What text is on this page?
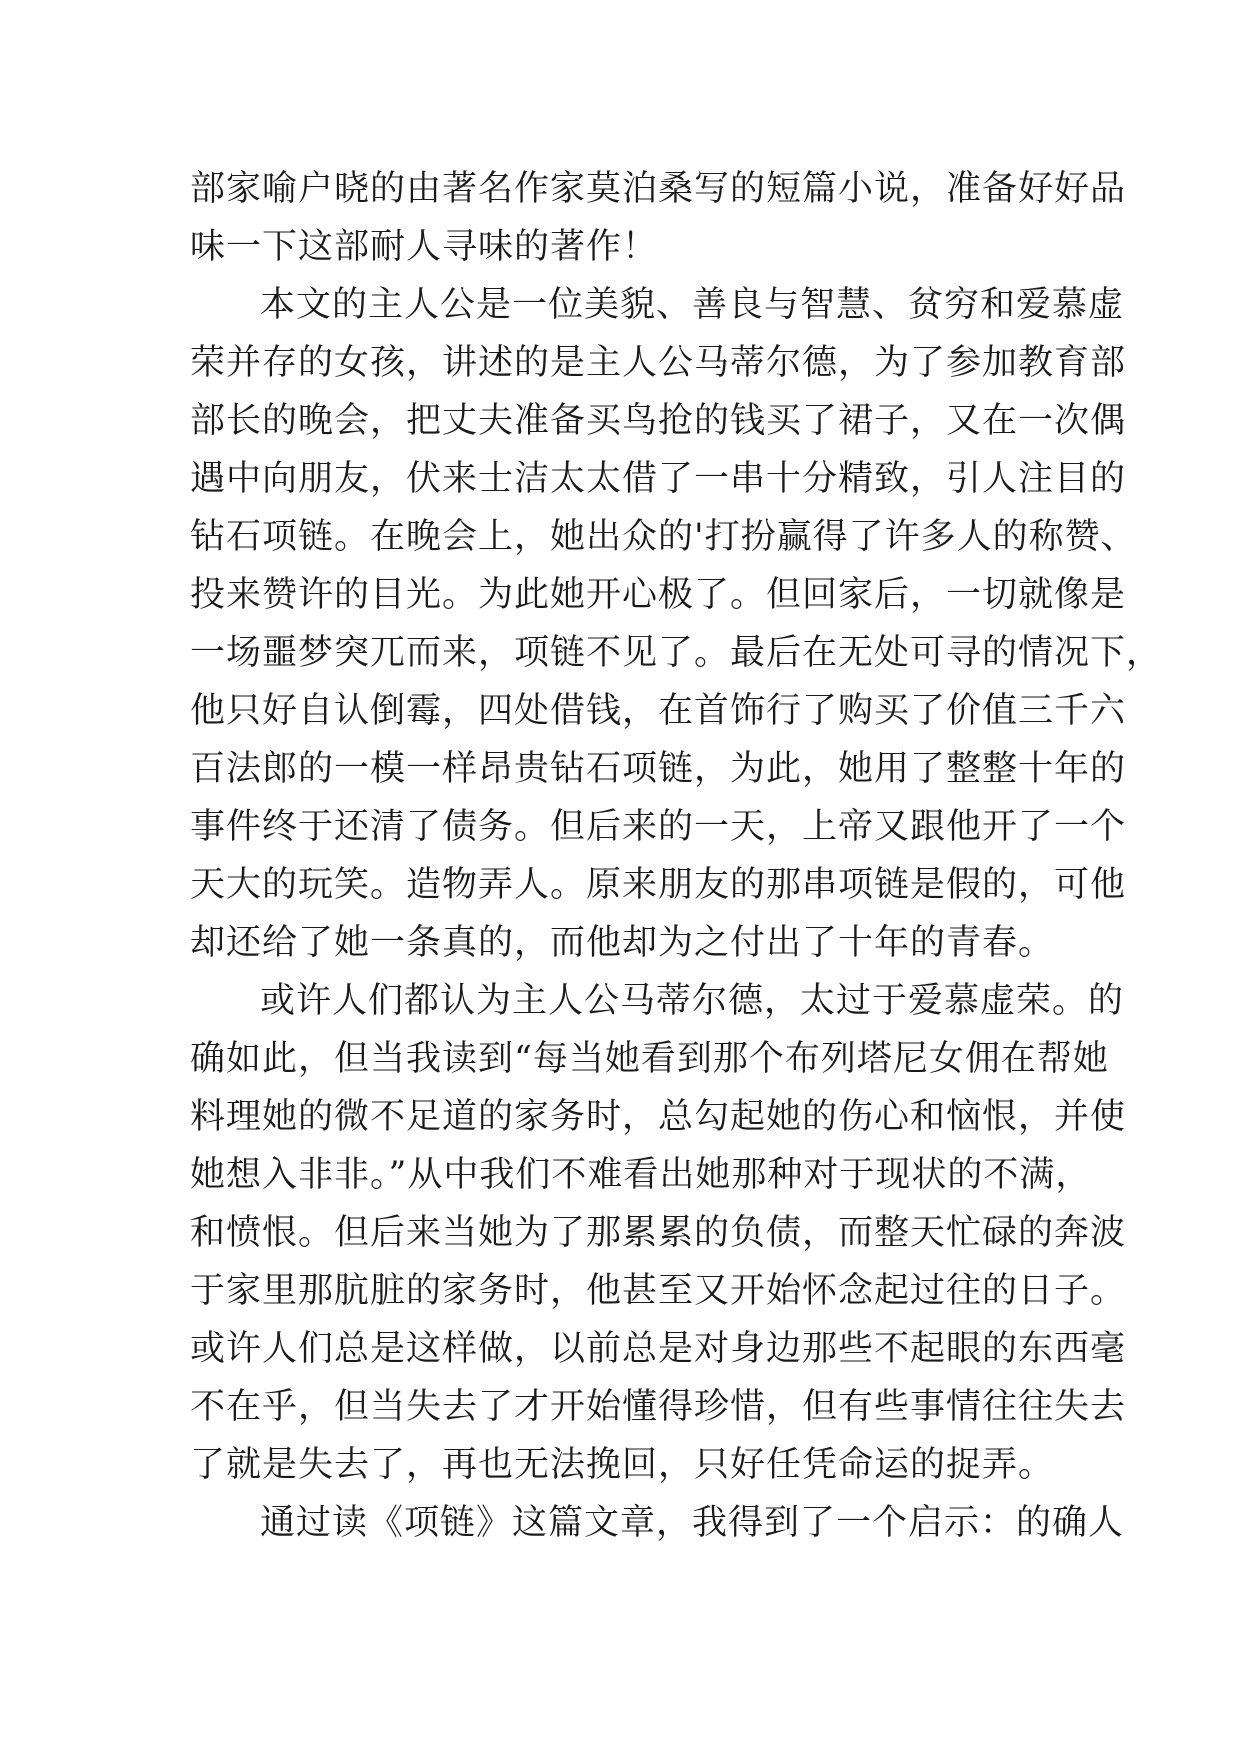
部家喻户晓的由著名作家莫泊桑写的短篇小说，准备好好品
味一下这部耐人寻味的著作！
本文的主人公是一位美貌、善良与智慧、贫穷和爱慕虚
荣并存的女孩，讲述的是主人公马蒂尔德，为了参加教育部
部长的晚会，把丈夫准备买鸟抢的钱买了裙子，又在一次偶
遇中向朋友，伏来士洁太太借了一串十分精致，引人注目的
钻石项链。在晚会上，她出众的'打扮赢得了许多人的称赞、
投来赞许的目光。为此她开心极了。但回家后，一切就像是
一场噩梦突兀而来，项链不见了。最后在无处可寻的情况下，
他只好自认倒霉，四处借钱，在首饰行了购买了价值三千六
百法郎的一模一样昂贵钻石项链，为此，她用了整整十年的
事件终于还清了债务。但后来的一天，上帝又跟他开了一个
天大的玩笑。造物弄人。原来朋友的那串项链是假的，可他
却还给了她一条真的，而他却为之付出了十年的青春。
或许人们都认为主人公马蒂尔德，太过于爱慕虚荣。的
确如此，但当我读到“每当她看到那个布列塔尼女佣在帮她
料理她的微不足道的家务时，总勾起她的伤心和恼恨，并使
她想入非非。”从中我们不难看出她那种对于现状的不满，
和愤恨。但后来当她为了那累累的负债，而整天忙碌的奔波
于家里那肮脏的家务时，他甚至又开始怀念起过往的日子。
或许人们总是这样做，以前总是对身边那些不起眼的东西毫
不在乎，但当失去了才开始懂得珍惜，但有些事情往往失去
了就是失去了，再也无法挽回，只好任凭命运的捉弄。
通过读《项链》这篇文章，我得到了一个启示：的确人
